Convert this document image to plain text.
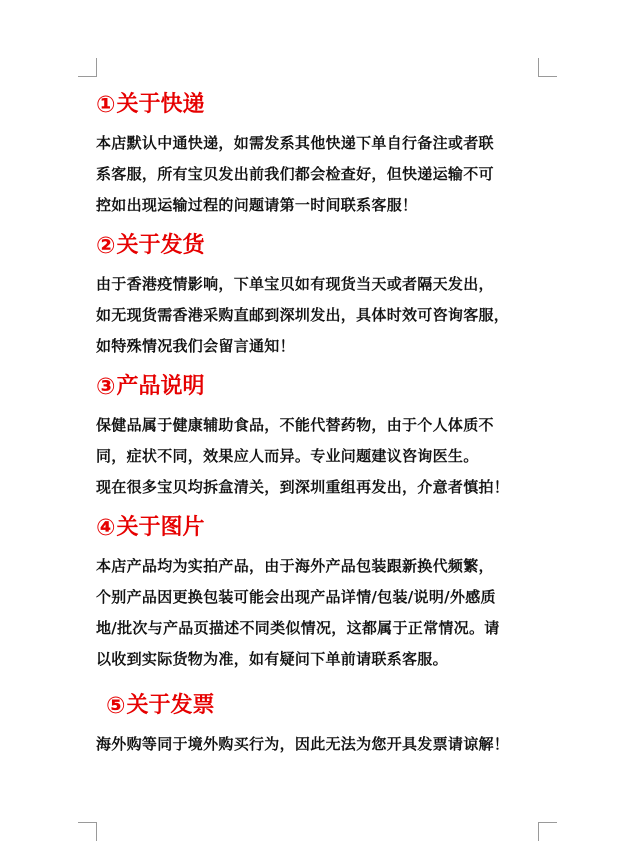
① 关于快递

本店默认中通快递，如需发系其他快递下单自行备注或者联
系客服，所有宝贝发出前我们都会检查好，但快递运输不可
控如出现运输过程的问题请第一时间联系客服！

② 关于发货

由于香港疫情影响，下单宝贝如有现货当天或者隔天发出，
如无现货需香港采购直邮到深圳发出，具体时效可咨询客服，
如特殊情况我们会留言通知！

③ 产品说明

保健品属于健康辅助食品，不能代替药物，由于个人体质不
同，症状不同，效果应人而异。专业问题建议咨询医生。
现在很多宝贝均拆盒清关，到深圳重组再发出，介意者慎拍！

④ 关于图片

本店产品均为实拍产品，由于海外产品包装跟新换代频繁，
个别产品因更换包装可能会出现产品详情/包装/说明/外感质
地/批次与产品页描述不同类似情况，这都属于正常情况。请
以收到实际货物为准，如有疑问下单前请联系客服。

⑤ 关于发票

海外购等同于境外购买行为，因此无法为您开具发票请谅解！
